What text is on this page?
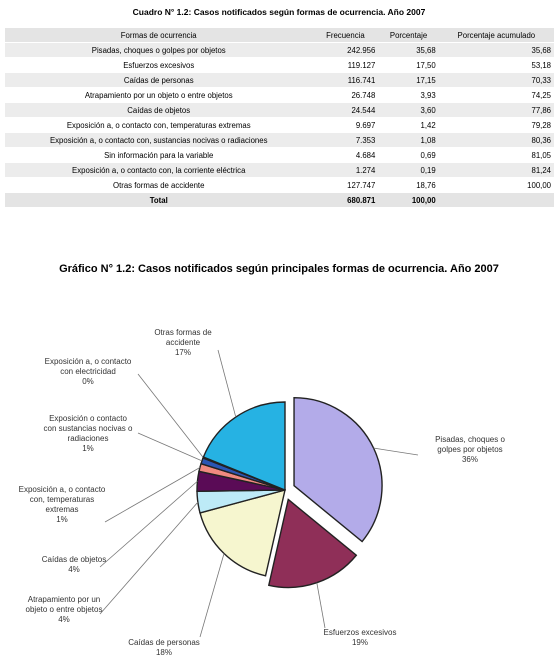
Cuadro N° 1.2: Casos notificados según formas de ocurrencia. Año 2007
Formas de ocurrencia	Frecuencia	Porcentaje	Porcentaje acumulado
Pisadas, choques o golpes por objetos	242.956	35,68	35,68
Esfuerzos excesivos	119.127	17,50	53,18
Caídas de personas	116.741	17,15	70,33
Atrapamiento por un objeto o entre objetos	26.748	3,93	74,25
Caídas de objetos	24.544	3,60	77,86
Exposición a, o contacto con, temperaturas extremas	9.697	1,42	79,28
Exposición a, o contacto con, sustancias nocivas o radiaciones	7.353	1,08	80,36
Sin información para la variable	4.684	0,69	81,05
Exposición a, o contacto con, la corriente eléctrica	1.274	0,19	81,24
Otras formas de accidente	127.747	18,76	100,00
Total	680.871	100,00	
Gráfico N° 1.2: Casos notificados según principales formas de ocurrencia. Año 2007
Pisadas, choques o golpes por objetos 36%
Esfuerzos excesivos 19%
Caídas de personas 18%
Atrapamiento por un objeto o entre objetos 4%
Caídas de objetos 4%
Exposición a, o contacto con, temperaturas extremas 1%
Exposición o contacto con sustancias nocivas o radiaciones 1%
Exposición a, o contacto con electricidad 0%
Otras formas de accidente 17%
